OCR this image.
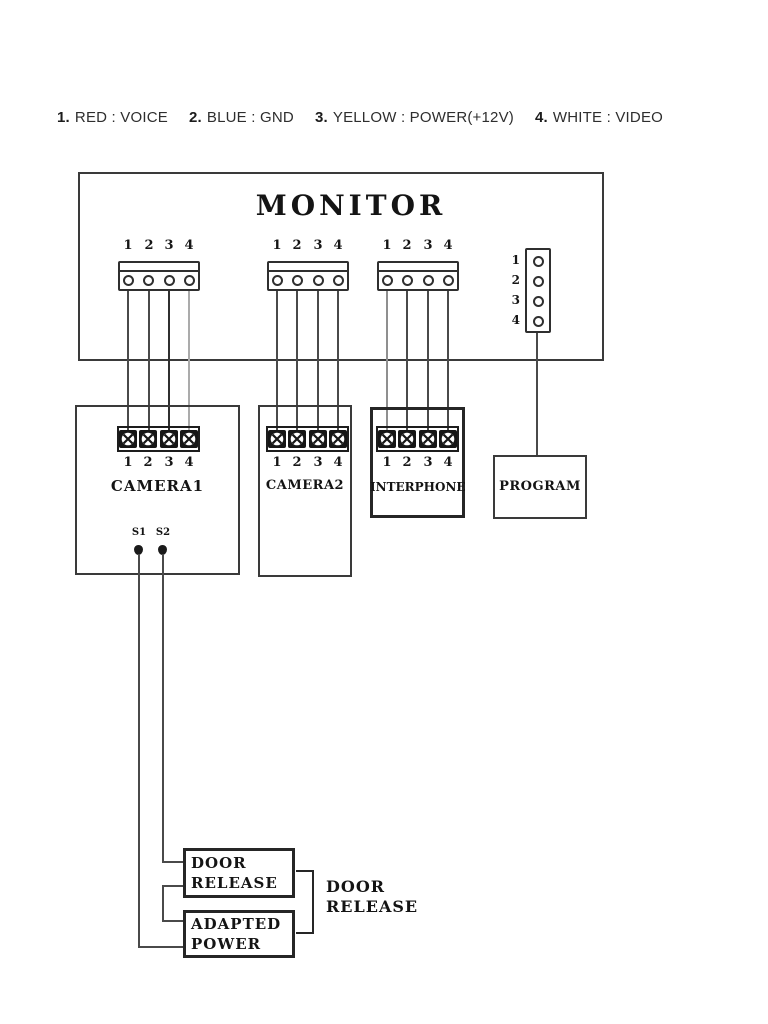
1. RED : VOICE 2. BLUE : GND 3. YELLOW : POWER(+12V) 4. WHITE : VIDEO
MONITOR
1 2 3 4	1 2 3 4	1 2 3 4
1
2
3
4
1 2 3 4	1 2 3 4	1 2 3 4
CAMERA1	CAMERA2	INTERPHONE	PROGRAM
S1 S2
DOOR
RELEASE
ADAPTED
POWER
DOOR
RELEASE
